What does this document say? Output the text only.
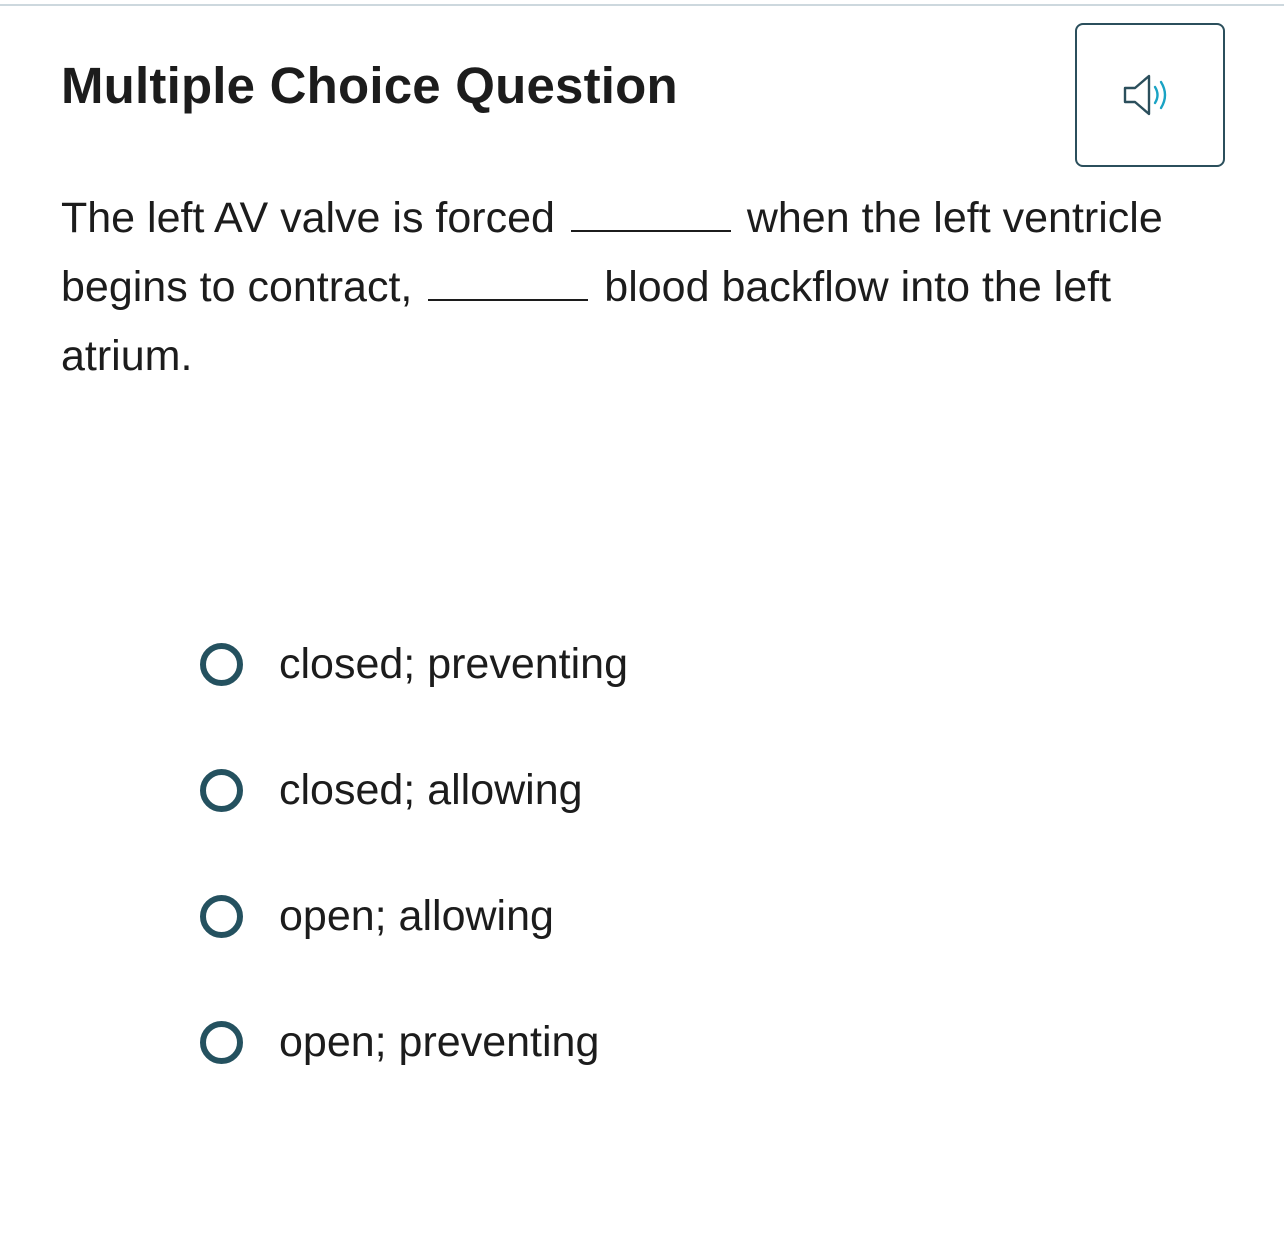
Multiple Choice Question

The left AV valve is forced	when the left ventricle begins to contract,	blood backflow into the left atrium.

closed; preventing
closed; allowing
open; allowing
open; preventing
